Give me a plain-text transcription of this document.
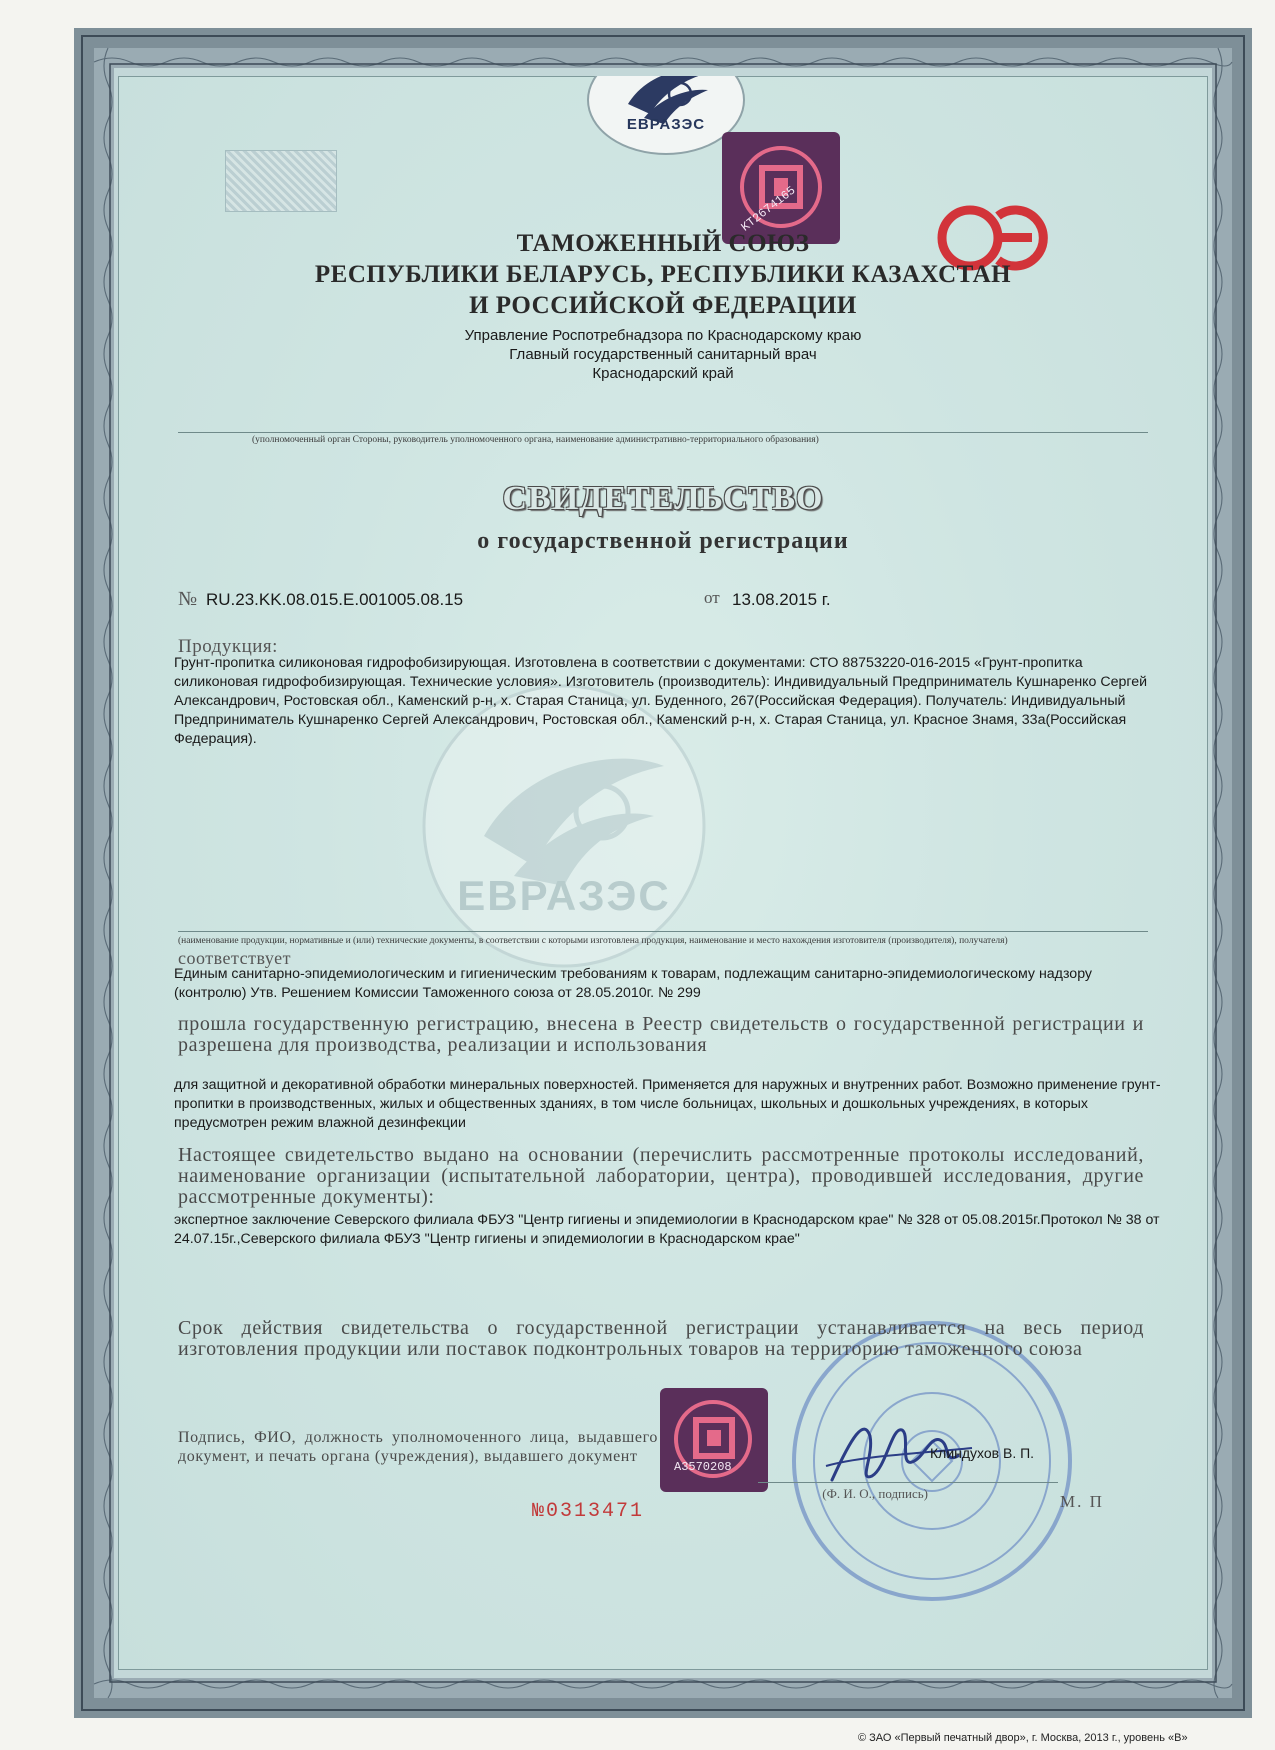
ЕВРАЗЭС
KT2674165
ТАМОЖЕННЫЙ СОЮЗ
РЕСПУБЛИКИ БЕЛАРУСЬ, РЕСПУБЛИКИ КАЗАХСТАН
И РОССИЙСКОЙ ФЕДЕРАЦИИ
Управление Роспотребнадзора по Краснодарскому краю
Главный государственный санитарный врач
Краснодарский край
(уполномоченный орган Стороны, руководитель уполномоченного органа, наименование административно-территориального образования)
СВИДЕТЕЛЬСТВО
о государственной регистрации
№ RU.23.KK.08.015.E.001005.08.15	от 13.08.2015 г.
ЕВРАЗЭС
Продукция:
Грунт-пропитка силиконовая гидрофобизирующая. Изготовлена в соответствии с документами: СТО 88753220-016-2015 «Грунт-пропитка силиконовая гидрофобизирующая. Технические условия». Изготовитель (производитель): Индивидуальный Предприниматель Кушнаренко Сергей Александрович, Ростовская обл., Каменский р-н, х. Старая Станица, ул. Буденного, 267(Российская Федерация). Получатель: Индивидуальный Предприниматель Кушнаренко Сергей Александрович, Ростовская обл., Каменский р-н, х. Старая Станица, ул. Красное Знамя, 33а(Российская Федерация).
(наименование продукции, нормативные и (или) технические документы, в соответствии с которыми изготовлена продукция, наименование и место нахождения изготовителя (производителя), получателя)
соответствует
Единым санитарно-эпидемиологическим и гигиеническим требованиям к товарам, подлежащим санитарно-эпидемиологическому надзору (контролю) Утв. Решением Комиссии Таможенного союза от 28.05.2010г. № 299
прошла государственную регистрацию, внесена в Реестр свидетельств о государственной регистрации и разрешена для производства, реализации и использования
для защитной и декоративной обработки минеральных поверхностей. Применяется для наружных и внутренних работ. Возможно применение грунт-пропитки в производственных, жилых и общественных зданиях, в том числе больницах, школьных и дошкольных учреждениях, в которых предусмотрен режим влажной дезинфекции
Настоящее свидетельство выдано на основании (перечислить рассмотренные протоколы исследований, наименование организации (испытательной лаборатории, центра), проводившей исследования, другие рассмотренные документы):
экспертное заключение Северского филиала ФБУЗ "Центр гигиены и эпидемиологии в Краснодарском крае" № 328 от 05.08.2015г.Протокол № 38 от 24.07.15г.,Северского филиала ФБУЗ "Центр гигиены и эпидемиологии в Краснодарском крае"
Срок действия свидетельства о государственной регистрации устанавливается на весь период изготовления продукции или поставок подконтрольных товаров на территорию таможенного союза
A3570208
Подпись, ФИО, должность уполномоченного лица, выдавшего документ, и печать органа (учреждения), выдавшего документ	Клиндухов В. П.
(Ф. И. О., подпись)	М. П
№0313471
© ЗАО «Первый печатный двор», г. Москва, 2013 г., уровень «В»
